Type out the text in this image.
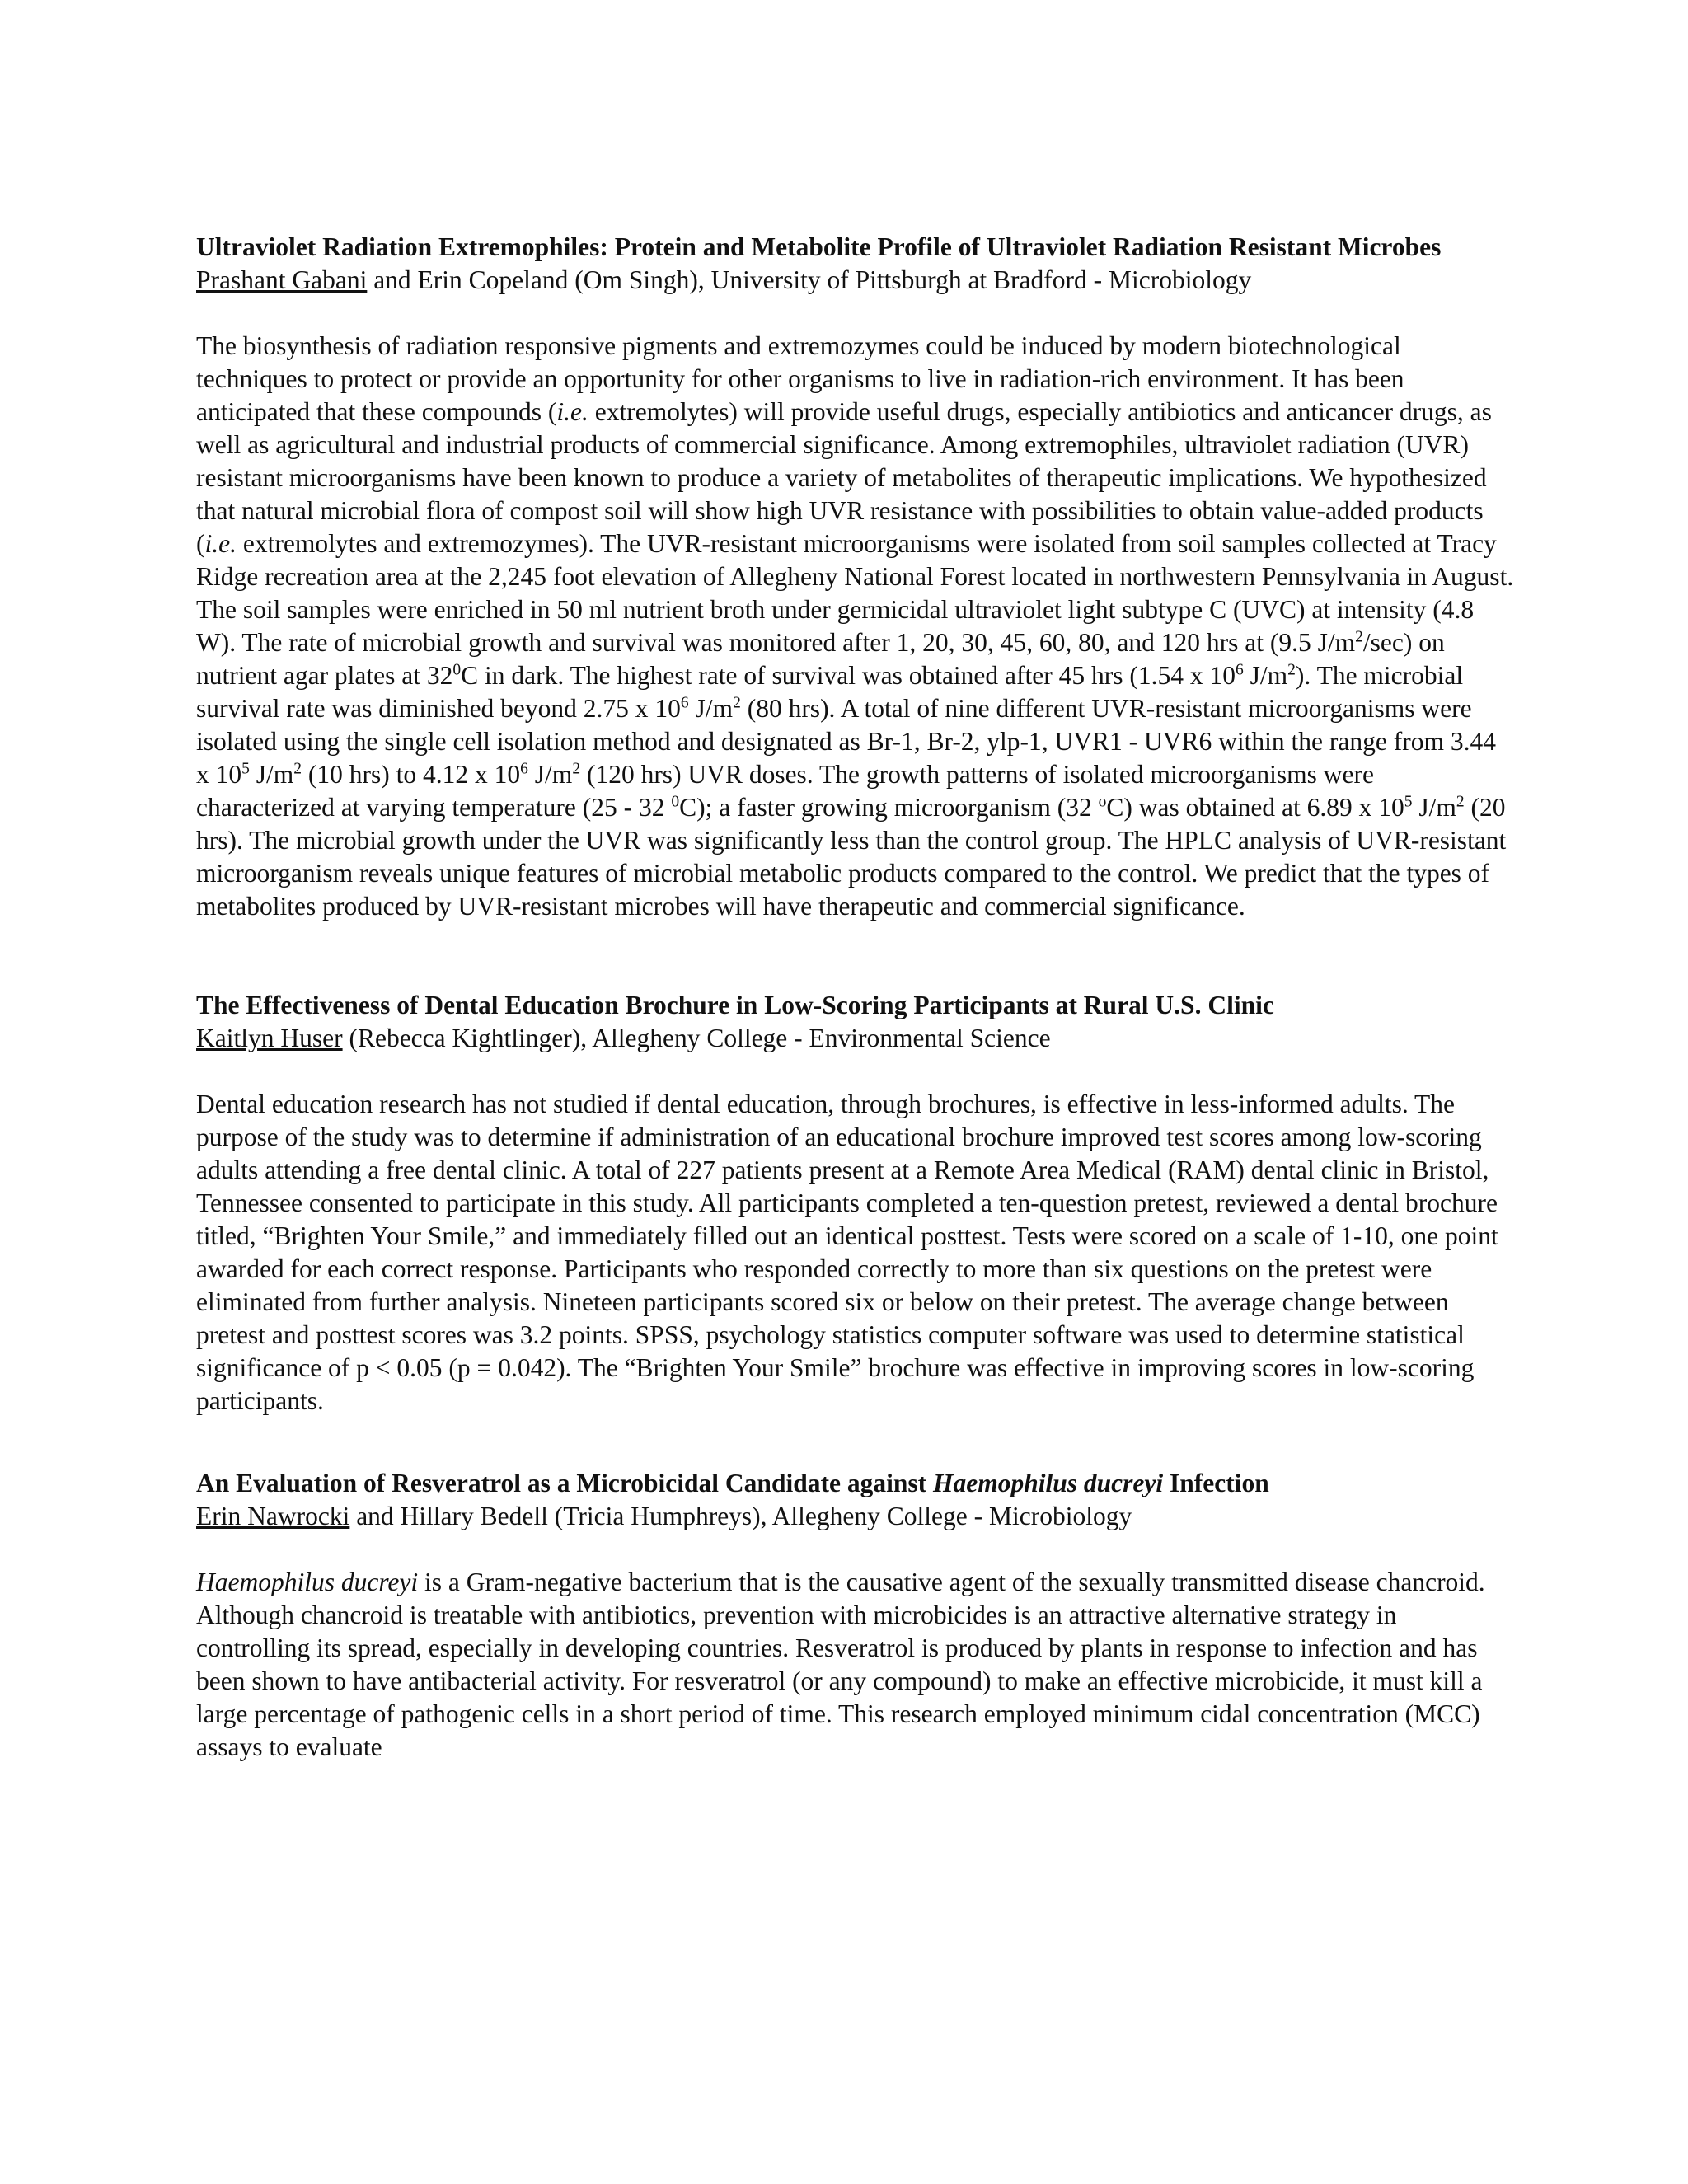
Ultraviolet Radiation Extremophiles: Protein and Metabolite Profile of Ultraviolet Radiation Resistant Microbes

Prashant Gabani and Erin Copeland (Om Singh), University of Pittsburgh at Bradford - Microbiology

The biosynthesis of radiation responsive pigments and extremozymes could be induced by modern biotechnological techniques to protect or provide an opportunity for other organisms to live in radiation-rich environment. It has been anticipated that these compounds (i.e. extremolytes) will provide useful drugs, especially antibiotics and anticancer drugs, as well as agricultural and industrial products of commercial significance. Among extremophiles, ultraviolet radiation (UVR) resistant microorganisms have been known to produce a variety of metabolites of therapeutic implications. We hypothesized that natural microbial flora of compost soil will show high UVR resistance with possibilities to obtain value-added products (i.e. extremolytes and extremozymes). The UVR-resistant microorganisms were isolated from soil samples collected at Tracy Ridge recreation area at the 2,245 foot elevation of Allegheny National Forest located in northwestern Pennsylvania in August. The soil samples were enriched in 50 ml nutrient broth under germicidal ultraviolet light subtype C (UVC) at intensity (4.8 W). The rate of microbial growth and survival was monitored after 1, 20, 30, 45, 60, 80, and 120 hrs at (9.5 $J/m^2/\sec$) on nutrient agar plates at $32^0C$ in dark. The highest rate of survival was obtained after 45 hrs (1.54 x $10^6$ $J/m^2$). The microbial survival rate was diminished beyond 2.75 x $10^6$ $J/m^2$ (80 hrs). A total of nine different UVR-resistant microorganisms were isolated using the single cell isolation method and designated as Br-1, Br-2, ylp-1, UVR1 - UVR6 within the range from 3.44 x $10^5$ $J/m^2$ (10 hrs) to 4.12 x $10^6$ $J/m^2$ (120 hrs) UVR doses. The growth patterns of isolated microorganisms were characterized at varying temperature (25 - 32 $^0$C); a faster growing microorganism (32 $^o$C) was obtained at 6.89 x $10^5$ $J/m^2$ (20 hrs). The microbial growth under the UVR was significantly less than the control group. The HPLC analysis of UVR-resistant microorganism reveals unique features of microbial metabolic products compared to the control. We predict that the types of metabolites produced by UVR-resistant microbes will have therapeutic and commercial significance.

The Effectiveness of Dental Education Brochure in Low-Scoring Participants at Rural U.S. Clinic

Kaitlyn Huser (Rebecca Kightlinger), Allegheny College - Environmental Science

Dental education research has not studied if dental education, through brochures, is effective in less-informed adults. The purpose of the study was to determine if administration of an educational brochure improved test scores among low-scoring adults attending a free dental clinic. A total of 227 patients present at a Remote Area Medical (RAM) dental clinic in Bristol, Tennessee consented to participate in this study. All participants completed a ten-question pretest, reviewed a dental brochure titled, “Brighten Your Smile,” and immediately filled out an identical posttest. Tests were scored on a scale of 1-10, one point awarded for each correct response. Participants who responded correctly to more than six questions on the pretest were eliminated from further analysis. Nineteen participants scored six or below on their pretest. The average change between pretest and posttest scores was 3.2 points. SPSS, psychology statistics computer software was used to determine statistical significance of p < 0.05 (p = 0.042). The “Brighten Your Smile” brochure was effective in improving scores in low-scoring participants.

An Evaluation of Resveratrol as a Microbicidal Candidate against Haemophilus ducreyi Infection

Erin Nawrocki and Hillary Bedell (Tricia Humphreys), Allegheny College - Microbiology

Haemophilus ducreyi is a Gram-negative bacterium that is the causative agent of the sexually transmitted disease chancroid. Although chancroid is treatable with antibiotics, prevention with microbicides is an attractive alternative strategy in controlling its spread, especially in developing countries. Resveratrol is produced by plants in response to infection and has been shown to have antibacterial activity. For resveratrol (or any compound) to make an effective microbicide, it must kill a large percentage of pathogenic cells in a short period of time. This research employed minimum cidal concentration (MCC) assays to evaluate
